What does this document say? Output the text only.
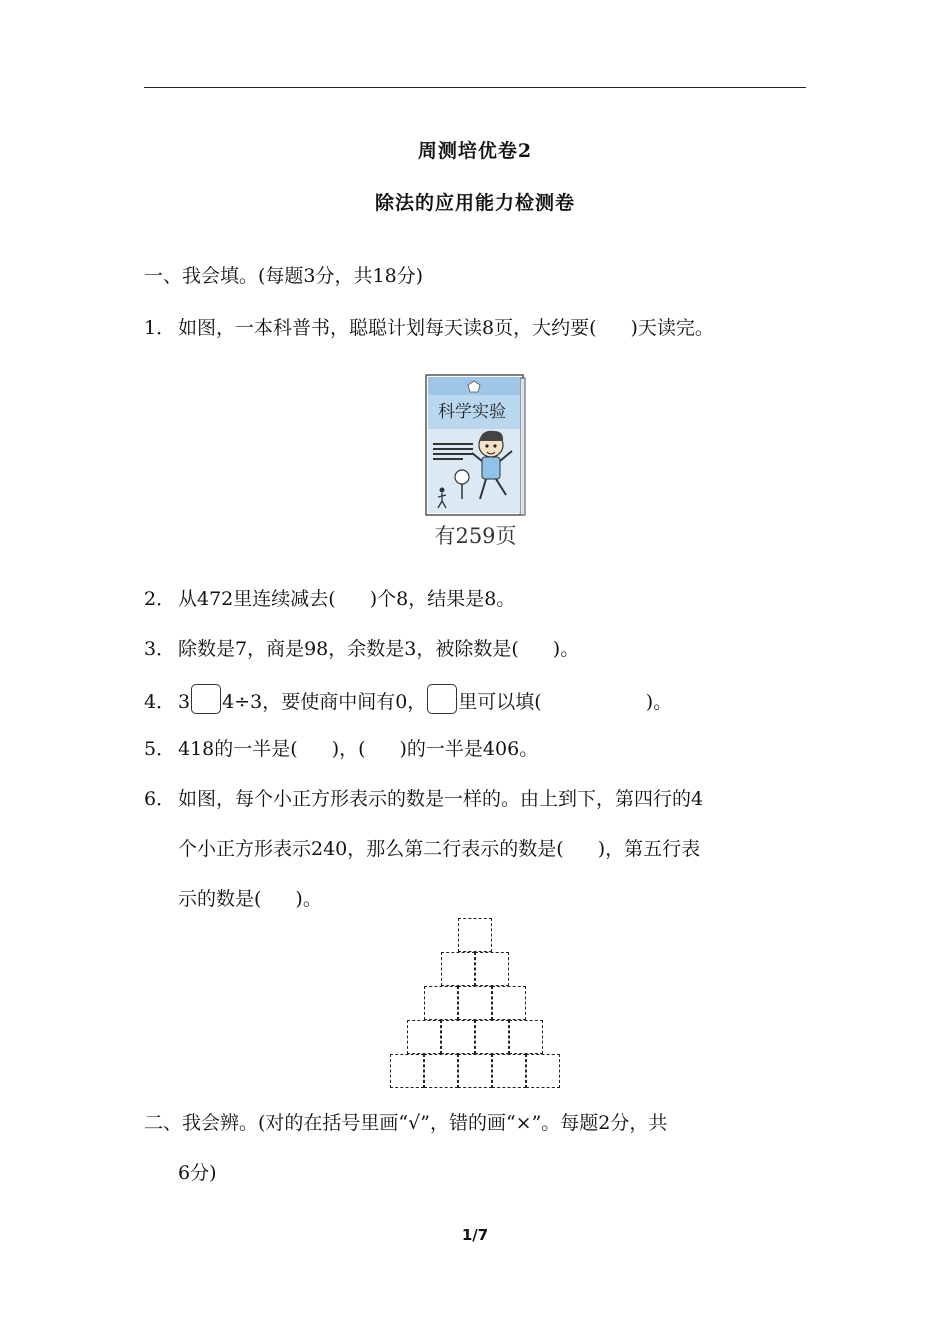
周测培优卷2
除法的应用能力检测卷
一、我会填。(每题3分，共18分)
1． 如图，一本科普书，聪聪计划每天读8页，大约要( )天读完。
科学实验
有259页
2． 从472里连续减去( )个8，结果是8。
3． 除数是7，商是98，余数是3，被除数是( )。
4． 3 4÷3，要使商中间有0， 里可以填(	)。
5． 418的一半是( )，( )的一半是406。
6． 如图，每个小正方形表示的数是一样的。由上到下，第四行的4
个小正方形表示240，那么第二行表示的数是( )，第五行表
示的数是( )。
二、我会辨。(对的在括号里画“√”，错的画“×”。每题2分，共
6分)
1/7
